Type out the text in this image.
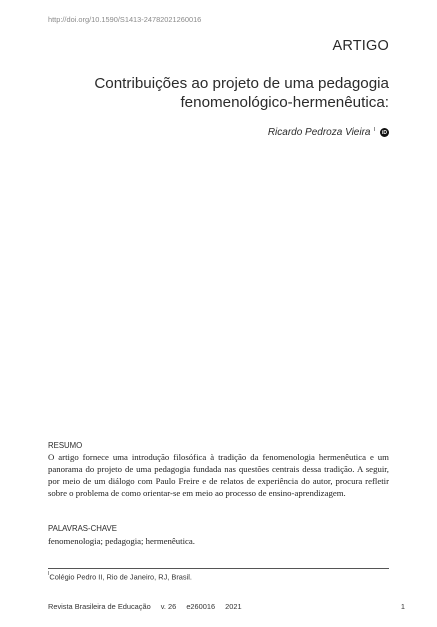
http://doi.org/10.1590/S1413-24782021260016
ARTIGO
Contribuições ao projeto de uma pedagogia
fenomenológico-hermenêutica:
Ricardo Pedroza Vieira $^I$	iD
RESUMO
O artigo fornece uma introdução filosófica à tradição da fenomenologia hermenêutica e um panorama do projeto de uma pedagogia fundada nas questões centrais dessa tradição. A seguir, por meio de um diálogo com Paulo Freire e de relatos de experiência do autor, procura refletir sobre o problema de como orientar-se em meio ao processo de ensino-aprendizagem.
PALAVRAS-CHAVE
fenomenologia; pedagogia; hermenêutica.
$^I$Colégio Pedro II, Rio de Janeiro, RJ, Brasil.
Revista Brasileira de Educação v. 26 e260016 2021	1
